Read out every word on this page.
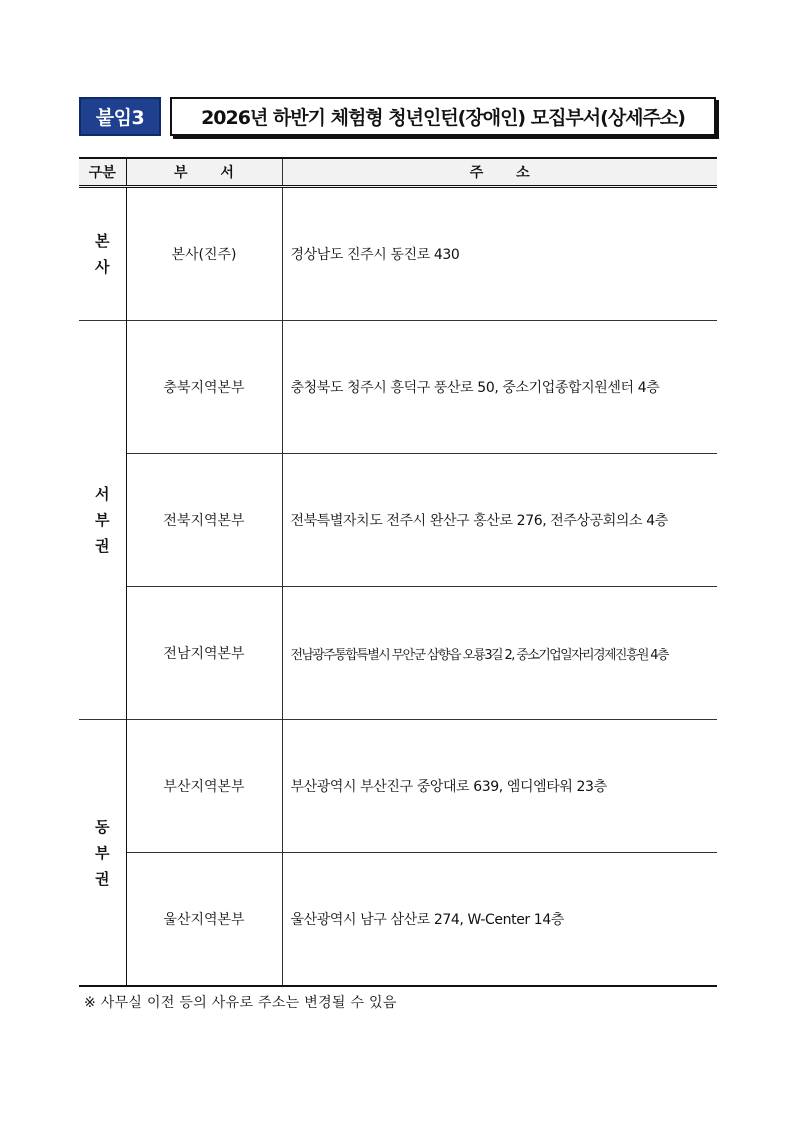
붙임3	2026년 하반기 체험형 청년인턴(장애인) 모집부서(상세주소)
구분	부 서	주 소

본
사	본사(진주)	경상남도 진주시 동진로 430

서
부
권	충북지역본부	충청북도 청주시 흥덕구 풍산로 50, 중소기업종합지원센터 4층
	전북지역본부	전북특별자치도 전주시 완산구 홍산로 276, 전주상공회의소 4층
	전남지역본부	전남광주통합특별시 무안군 삼향읍 오룡3길 2, 중소기업일자리경제진흥원 4층

동
부
권	부산지역본부	부산광역시 부산진구 중앙대로 639, 엠디엠타워 23층
	울산지역본부	울산광역시 남구 삼산로 274, W-Center 14층
※ 사무실 이전 등의 사유로 주소는 변경될 수 있음
